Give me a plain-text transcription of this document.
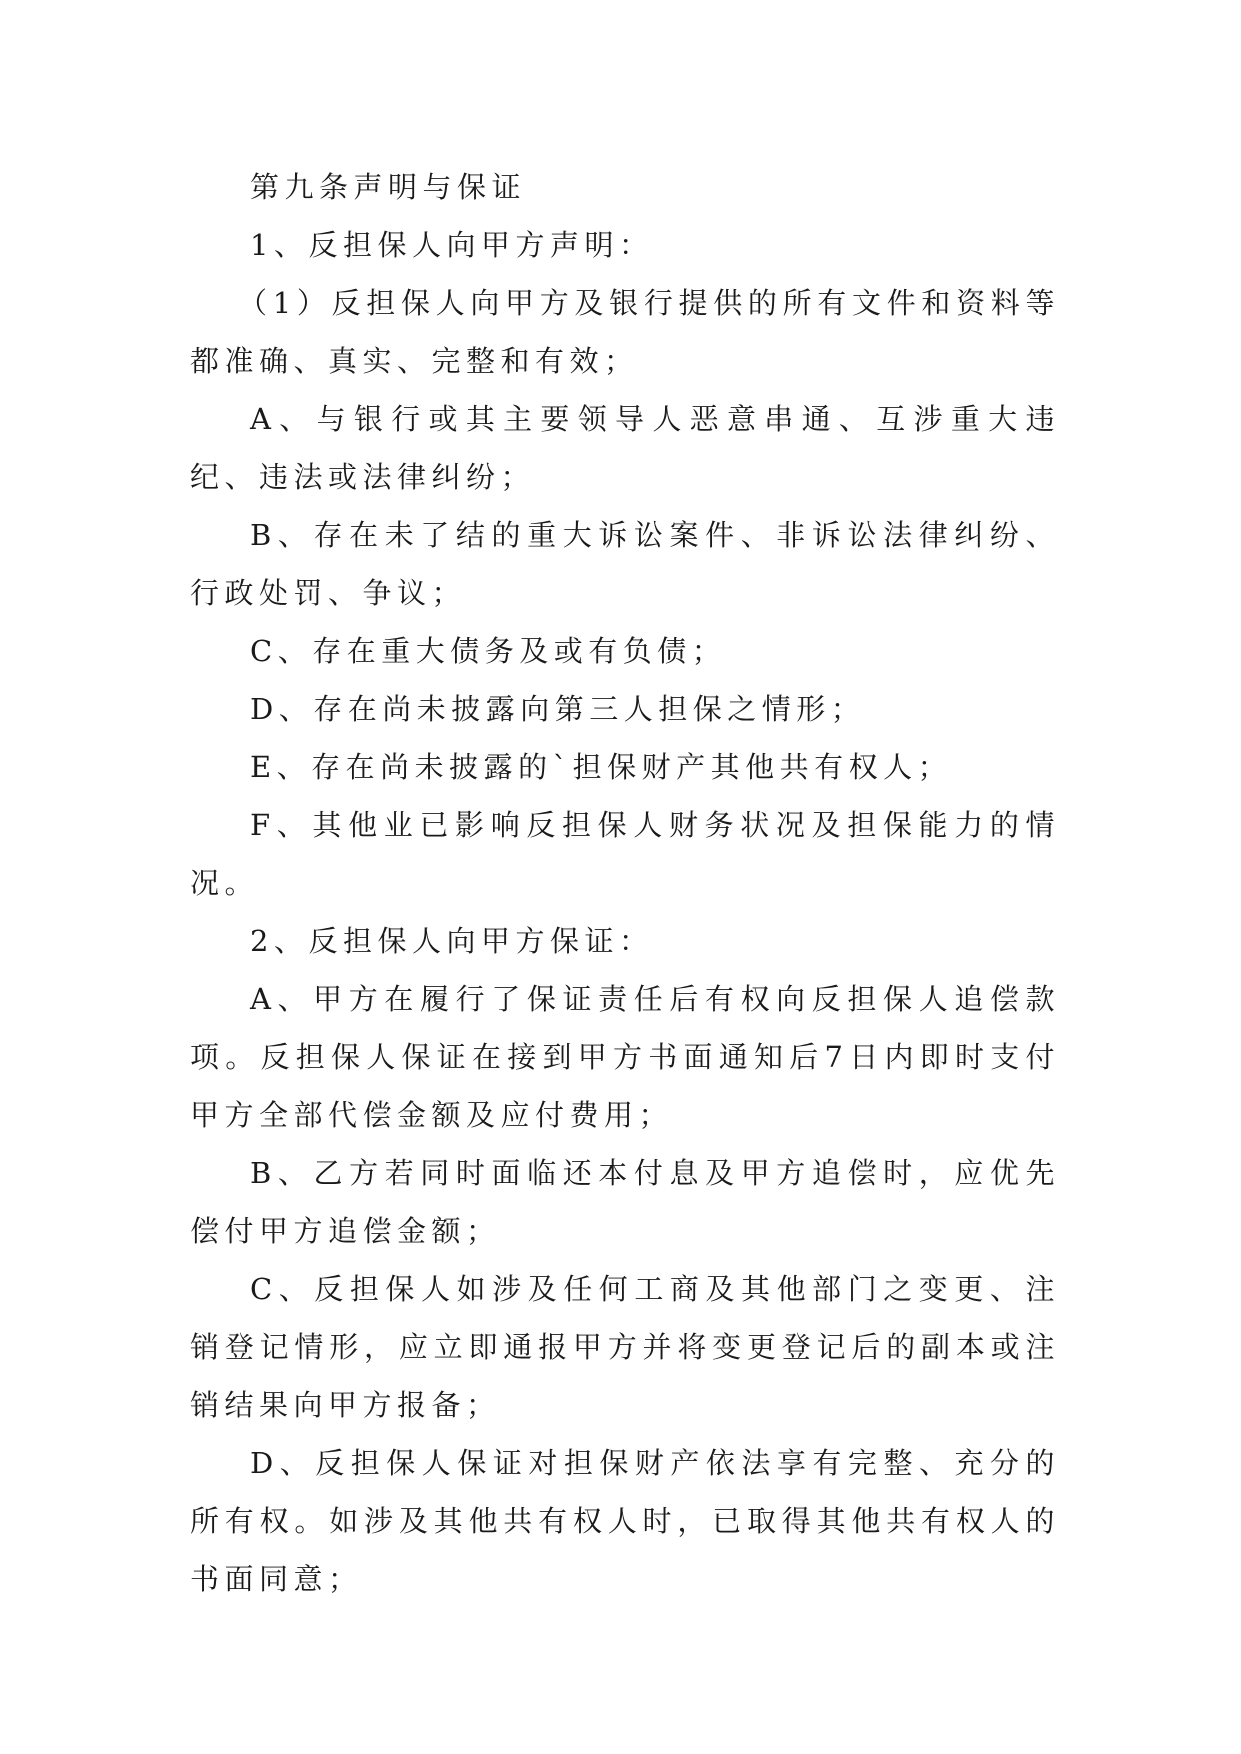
第九条声明与保证

1、反担保人向甲方声明：

（1）反担保人向甲方及银行提供的所有文件和资料等都准确、真实、完整和有效；

A、与银行或其主要领导人恶意串通、互涉重大违纪、违法或法律纠纷；

B、存在未了结的重大诉讼案件、非诉讼法律纠纷、行政处罚、争议；

C、存在重大债务及或有负债；

D、存在尚未披露向第三人担保之情形；

E、存在尚未披露的`担保财产其他共有权人；

F、其他业已影响反担保人财务状况及担保能力的情况。

2、反担保人向甲方保证：

A、甲方在履行了保证责任后有权向反担保人追偿款项。反担保人保证在接到甲方书面通知后7日内即时支付甲方全部代偿金额及应付费用；

B、乙方若同时面临还本付息及甲方追偿时，应优先偿付甲方追偿金额；

C、反担保人如涉及任何工商及其他部门之变更、注销登记情形，应立即通报甲方并将变更登记后的副本或注销结果向甲方报备；

D、反担保人保证对担保财产依法享有完整、充分的所有权。如涉及其他共有权人时，已取得其他共有权人的书面同意；
